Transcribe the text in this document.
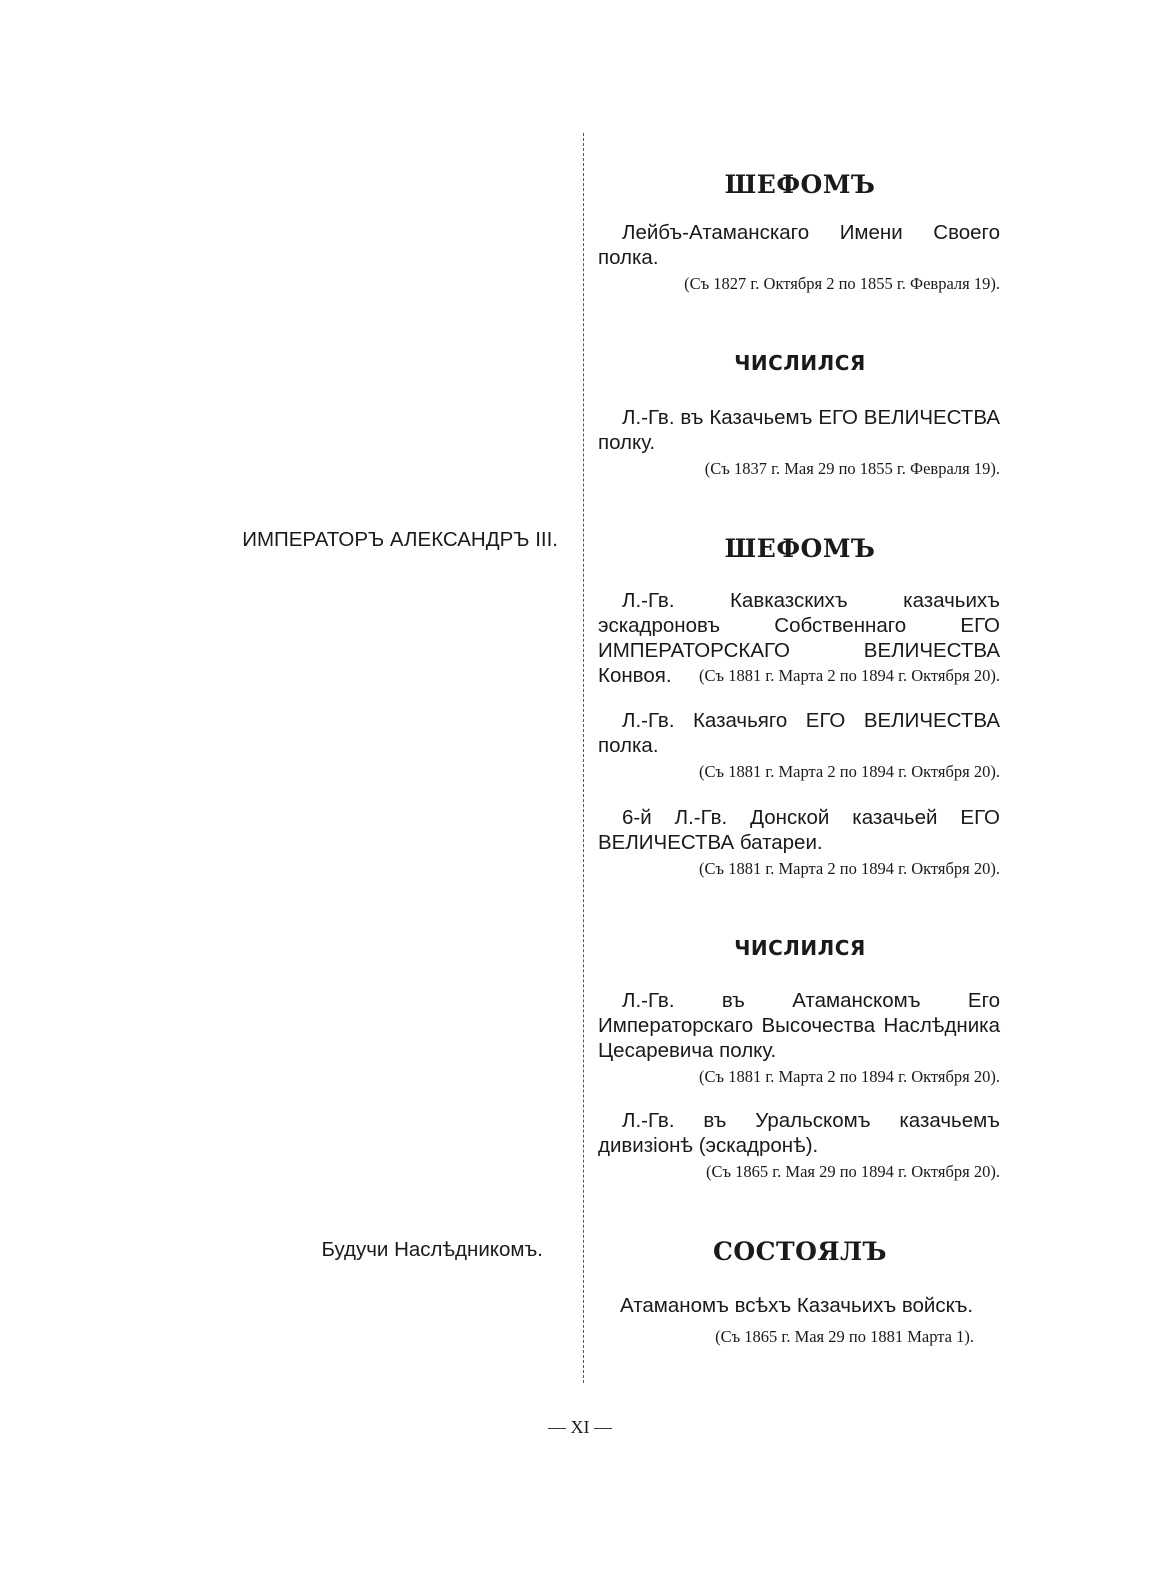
ИМПЕРАТОРЪ АЛЕКСАНДРЪ III.
Будучи Наслѣдникомъ.
ШЕФОМЪ
Лейбъ-Атаманскаго Имени Своего полка.
(Съ 1827 г. Октября 2 по 1855 г. Февраля 19).
ЧИСЛИЛСЯ
Л.-Гв. въ Казачьемъ ЕГО ВЕЛИЧЕСТВА полку.
(Съ 1837 г. Мая 29 по 1855 г. Февраля 19).
ШЕФОМЪ
Л.-Гв. Кавказскихъ казачьихъ эскадроновъ Собственнаго ЕГО ИМПЕРАТОРСКАГО ВЕЛИЧЕСТВА Конвоя.	(Съ 1881 г. Марта 2 по 1894 г. Октября 20).
Л.-Гв. Казачьяго ЕГО ВЕЛИЧЕСТВА полка.
(Съ 1881 г. Марта 2 по 1894 г. Октября 20).
6-й Л.-Гв. Донской казачьей ЕГО ВЕЛИЧЕСТВА батареи.
(Съ 1881 г. Марта 2 по 1894 г. Октября 20).
ЧИСЛИЛСЯ
Л.-Гв. въ Атаманскомъ Его Императорскаго Высочества Наслѣдника Цесаревича полку.
(Съ 1881 г. Марта 2 по 1894 г. Октября 20).
Л.-Гв. въ Уральскомъ казачьемъ дивизiонѣ (эскадронѣ).
(Съ 1865 г. Мая 29 по 1894 г. Октября 20).
СОСТОЯЛЪ
Атаманомъ всѣхъ Казачьихъ войскъ.
(Съ 1865 г. Мая 29 по 1881 Марта 1).
— XI —
